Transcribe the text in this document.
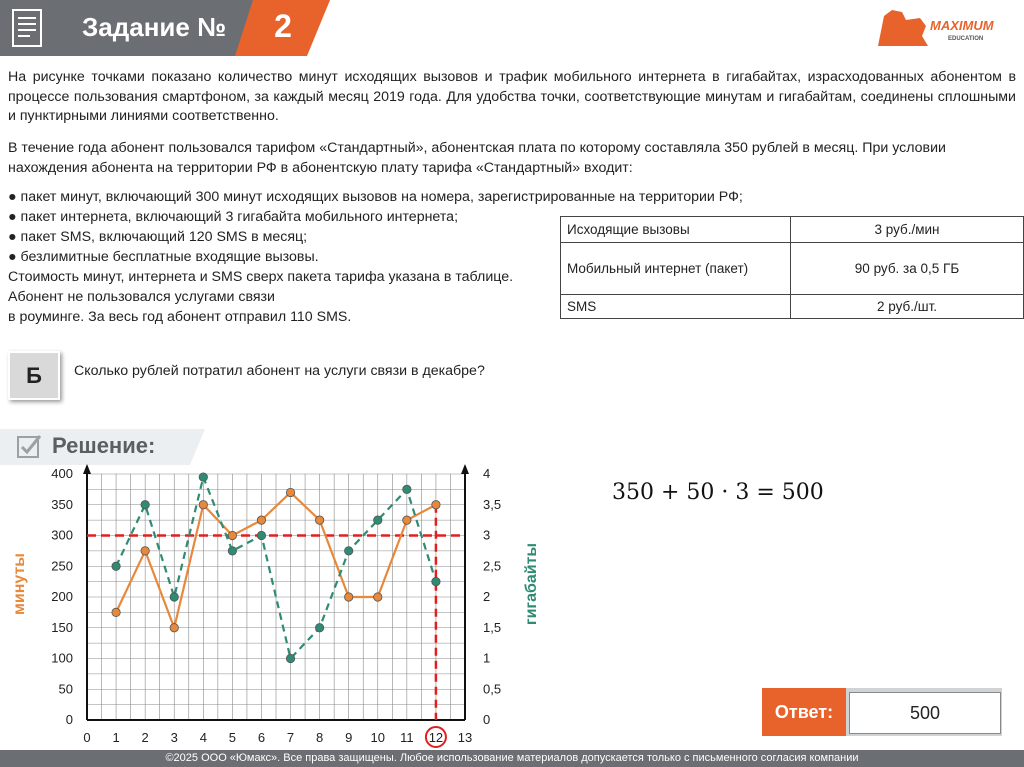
Задание №	2	MAXIMUM
EDUCATION
На рисунке точками показано количество минут исходящих вызовов и трафик мобильного интернета в гигабайтах, израсходованных абонентом в процессе пользования смартфоном, за каждый месяц 2019 года. Для удобства точки, соответствующие минутам и гигабайтам, соединены сплошными и пунктирными линиями соответственно.
В течение года абонент пользовался тарифом «Стандартный», абонентская плата по которому составляла 350 рублей в месяц. При условии нахождения абонента на территории РФ в абонентскую плату тарифа «Стандартный» входит:
● пакет минут, включающий 300 минут исходящих вызовов на номера, зарегистрированные на территории РФ;
● пакет интернета, включающий 3 гигабайта мобильного интернета;
● пакет SMS, включающий 120 SMS в месяц;
● безлимитные бесплатные входящие вызовы.
Стоимость минут, интернета и SMS сверх пакета тарифа указана в таблице.
Абонент не пользовался услугами связи
в роуминге. За весь год абонент отправил 110 SMS.
Исходящие вызовы	3 руб./мин
Мобильный интернет (пакет)	90 руб. за 0,5 ГБ
SMS	2 руб./шт.
Б	Сколько рублей потратил абонент на услуги связи в декабре?
Решение:
350 + 50 · 3 = 500
400
350
300
250
200
150
100
50
0
4
3,5
3
2,5
2
1,5
1
0,5
0
0 1 2 3 4 5 6 7 8 9 10 11 12 13
минуты	гигабайты
Ответ:	500
©2025 ООО «Юмакс». Все права защищены. Любое использование материалов допускается только с письменного согласия компании
